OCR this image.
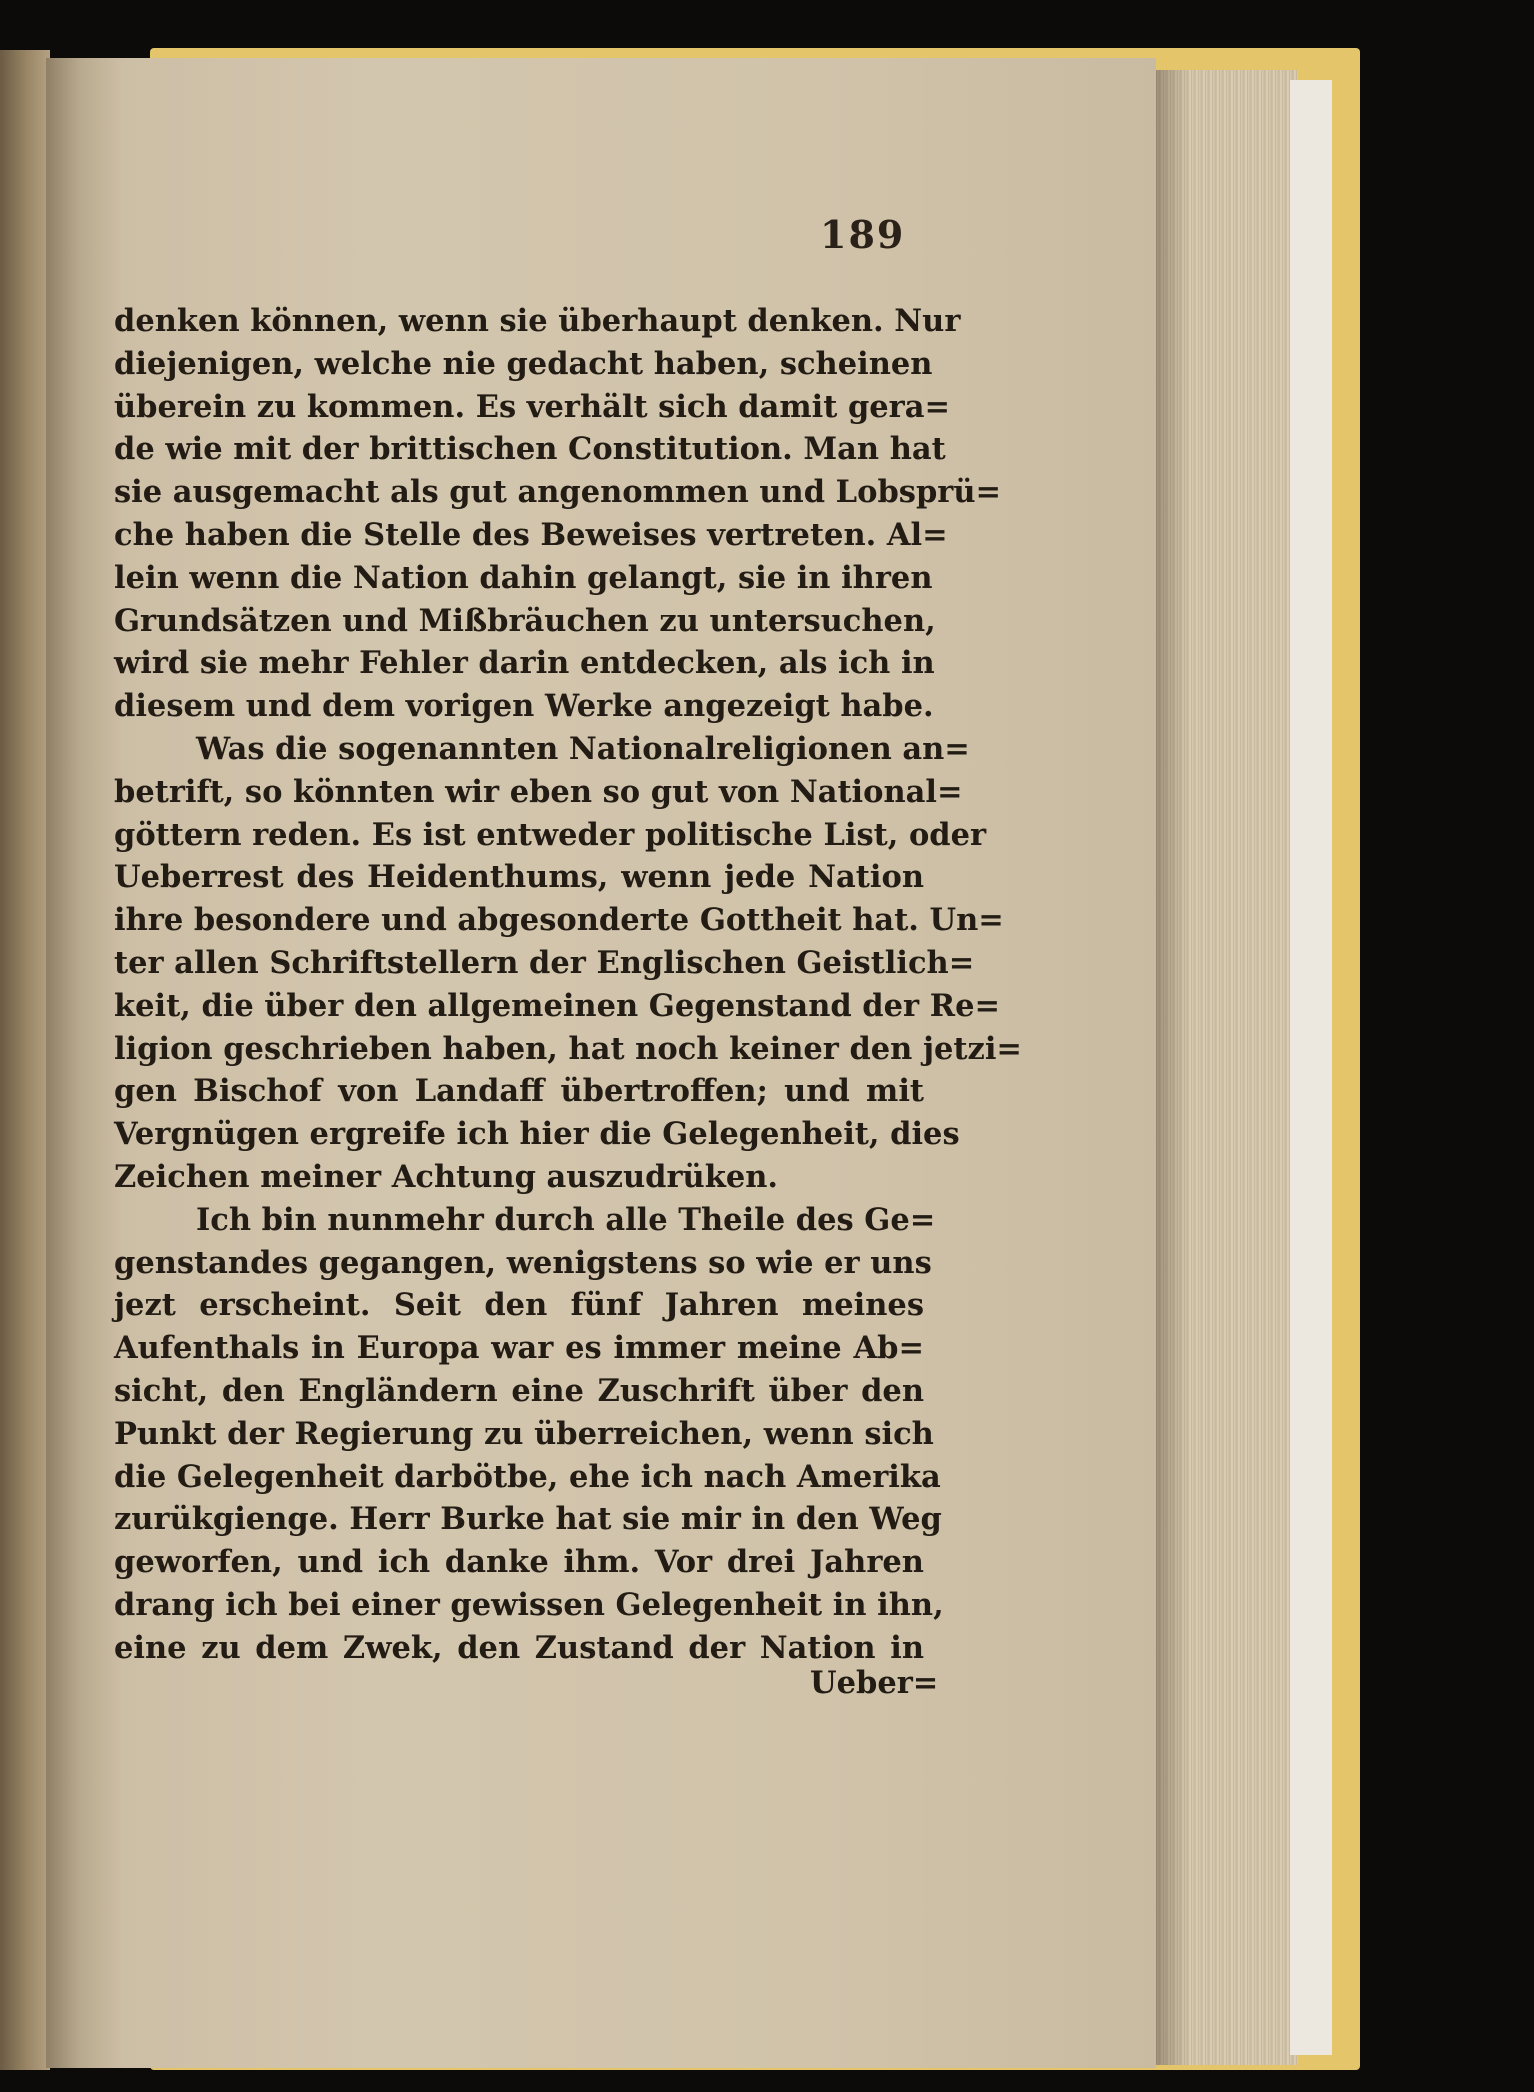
189
denken können, wenn sie überhaupt denken. Nur
diejenigen, welche nie gedacht haben, scheinen
überein zu kommen. Es verhält sich damit gera=
de wie mit der brittischen Constitution. Man hat
sie ausgemacht als gut angenommen und Lobsprü=
che haben die Stelle des Beweises vertreten. Al=
lein wenn die Nation dahin gelangt, sie in ihren
Grundsätzen und Mißbräuchen zu untersuchen,
wird sie mehr Fehler darin entdecken, als ich in
diesem und dem vorigen Werke angezeigt habe.
Was die sogenannten Nationalreligionen an=
betrift, so könnten wir eben so gut von National=
göttern reden. Es ist entweder politische List, oder
Ueberrest des Heidenthums, wenn jede Nation
ihre besondere und abgesonderte Gottheit hat. Un=
ter allen Schriftstellern der Englischen Geistlich=
keit, die über den allgemeinen Gegenstand der Re=
ligion geschrieben haben, hat noch keiner den jetzi=
gen Bischof von Landaff übertroffen; und mit
Vergnügen ergreife ich hier die Gelegenheit, dies
Zeichen meiner Achtung auszudrüken.
Ich bin nunmehr durch alle Theile des Ge=
genstandes gegangen, wenigstens so wie er uns
jezt erscheint. Seit den fünf Jahren meines
Aufenthals in Europa war es immer meine Ab=
sicht, den Engländern eine Zuschrift über den
Punkt der Regierung zu überreichen, wenn sich
die Gelegenheit darbötbe, ehe ich nach Amerika
zurükgienge. Herr Burke hat sie mir in den Weg
geworfen, und ich danke ihm. Vor drei Jahren
drang ich bei einer gewissen Gelegenheit in ihn,
eine zu dem Zwek, den Zustand der Nation in
Ueber=
